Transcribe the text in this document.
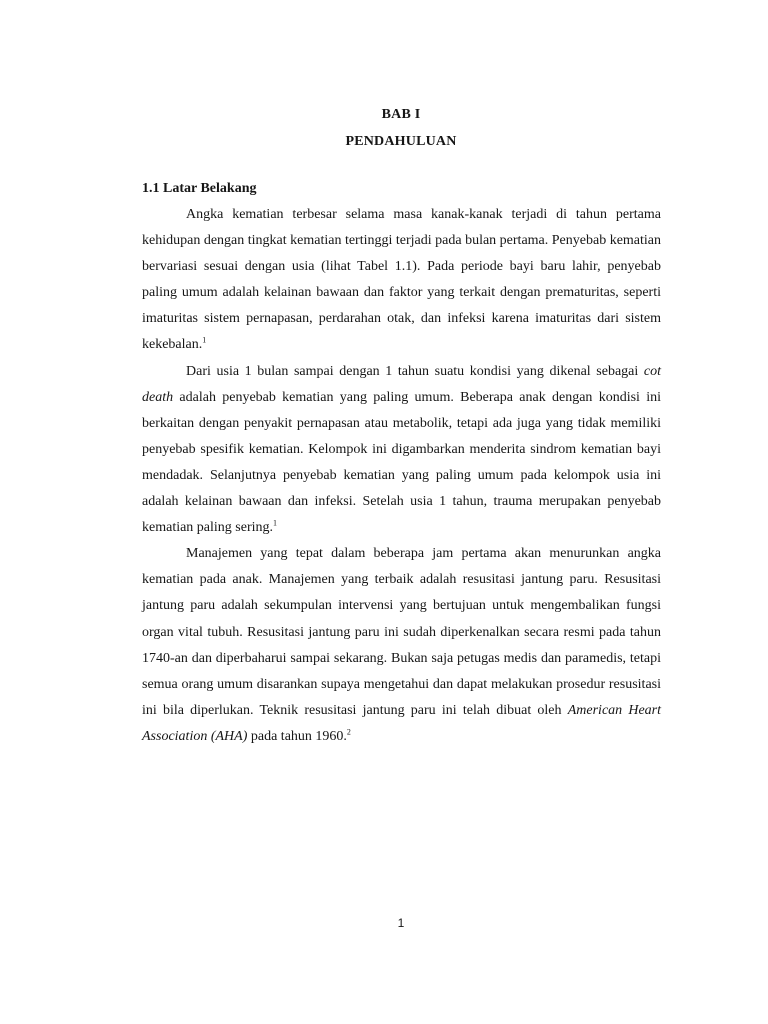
BAB I
PENDAHULUAN
1.1 Latar Belakang

Angka kematian terbesar selama masa kanak-kanak terjadi di tahun pertama kehidupan dengan tingkat kematian tertinggi terjadi pada bulan pertama. Penyebab kematian bervariasi sesuai dengan usia (lihat Tabel 1.1). Pada periode bayi baru lahir, penyebab paling umum adalah kelainan bawaan dan faktor yang terkait dengan prematuritas, seperti imaturitas sistem pernapasan, perdarahan otak, dan infeksi karena imaturitas dari sistem kekebalan.$^1$

Dari usia 1 bulan sampai dengan 1 tahun suatu kondisi yang dikenal sebagai cot death adalah penyebab kematian yang paling umum. Beberapa anak dengan kondisi ini berkaitan dengan penyakit pernapasan atau metabolik, tetapi ada juga yang tidak memiliki penyebab spesifik kematian. Kelompok ini digambarkan menderita sindrom kematian bayi mendadak. Selanjutnya penyebab kematian yang paling umum pada kelompok usia ini adalah kelainan bawaan dan infeksi. Setelah usia 1 tahun, trauma merupakan penyebab kematian paling sering.$^1$

Manajemen yang tepat dalam beberapa jam pertama akan menurunkan angka kematian pada anak. Manajemen yang terbaik adalah resusitasi jantung paru. Resusitasi jantung paru adalah sekumpulan intervensi yang bertujuan untuk mengembalikan fungsi organ vital tubuh. Resusitasi jantung paru ini sudah diperkenalkan secara resmi pada tahun 1740-an dan diperbaharui sampai sekarang. Bukan saja petugas medis dan paramedis, tetapi semua orang umum disarankan supaya mengetahui dan dapat melakukan prosedur resusitasi ini bila diperlukan. Teknik resusitasi jantung paru ini telah dibuat oleh American Heart Association (AHA) pada tahun 1960.$^2$

1
